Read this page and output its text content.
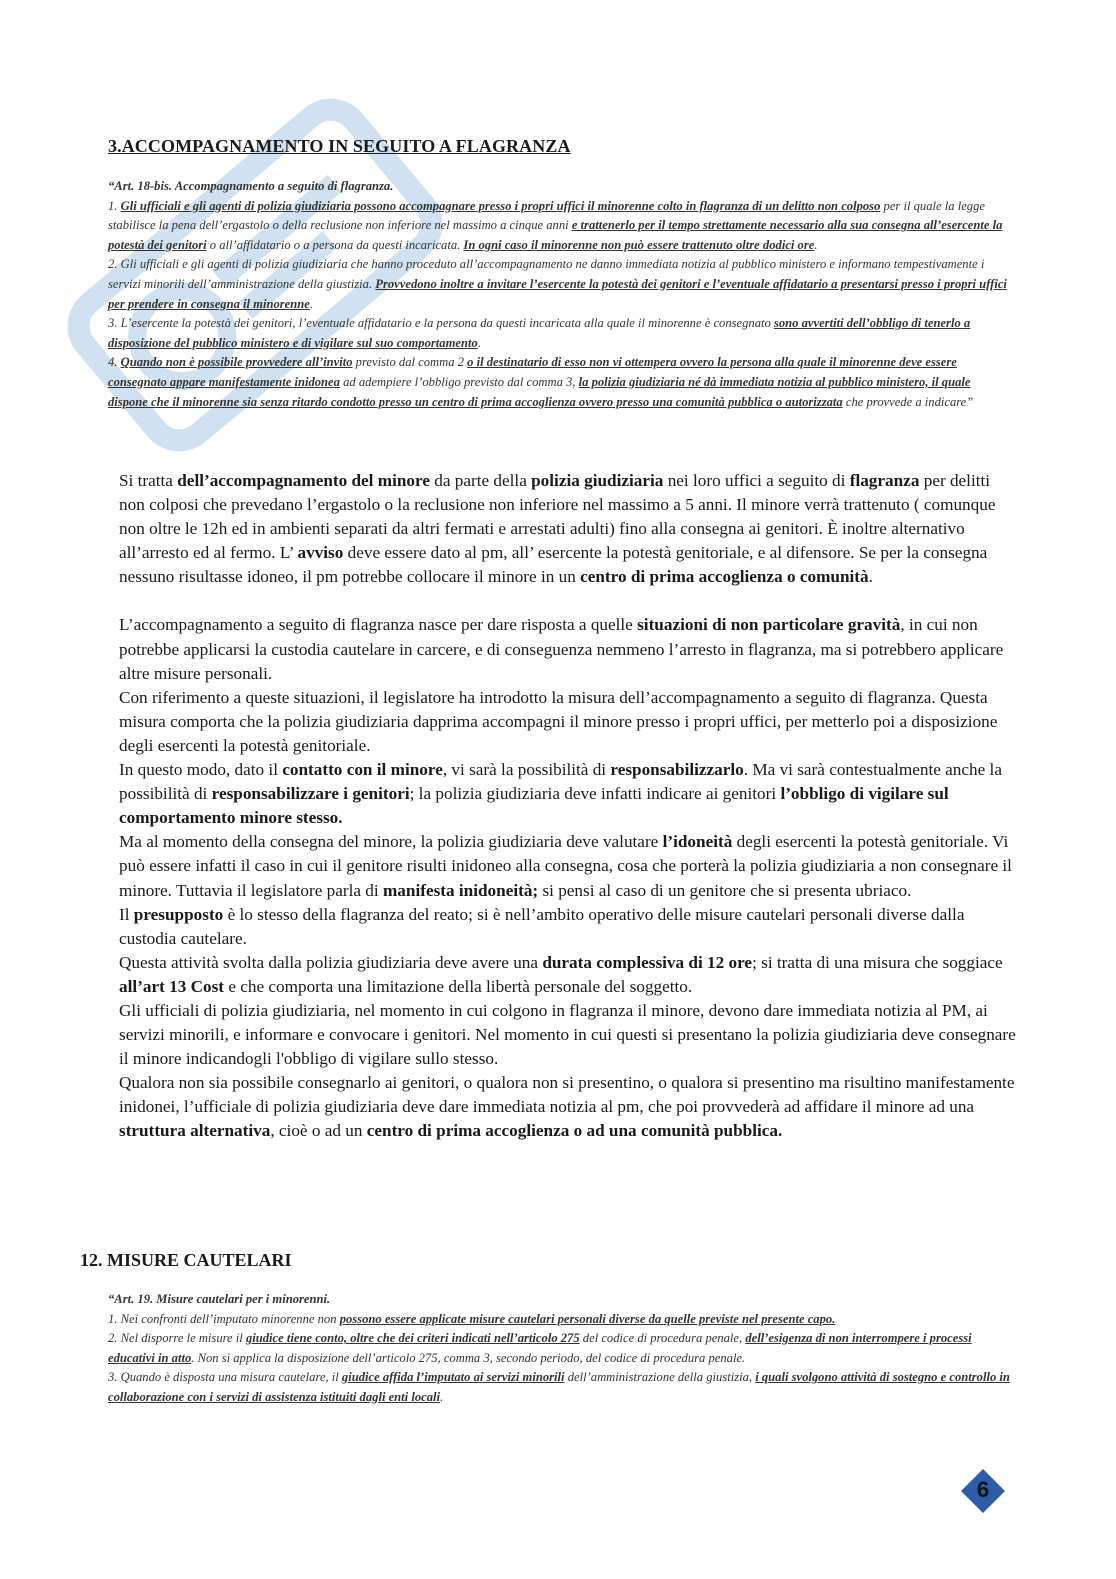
3.ACCOMPAGNAMENTO IN SEGUITO A FLAGRANZA

“Art. 18-bis. Accompagnamento a seguito di flagranza.

1. Gli ufficiali e gli agenti di polizia giudiziaria possono accompagnare presso i propri uffici il minorenne colto in flagranza di un delitto non colposo per il quale la legge stabilisce la pena dell’ergastolo o della reclusione non inferiore nel massimo a cinque anni e trattenerlo per il tempo strettamente necessario alla sua consegna all’esercente la potestà dei genitori o all’affidatario o a persona da questi incaricata. In ogni caso il minorenne non può essere trattenuto oltre dodici ore.

2. Gli ufficiali e gli agenti di polizia giudiziaria che hanno proceduto all’accompagnamento ne danno immediata notizia al pubblico ministero e informano tempestivamente i servizi minorili dell’amministrazione della giustizia. Provvedono inoltre a invitare l’esercente la potestà dei genitori e l’eventuale affidatario a presentarsi presso i propri uffici per prendere in consegna il minorenne.

3. L’esercente la potestà dei genitori, l’eventuale affidatario e la persona da questi incaricata alla quale il minorenne è consegnato sono avvertiti dell’obbligo di tenerlo a disposizione del pubblico ministero e di vigilare sul suo comportamento.

4. Quando non è possibile provvedere all’invito previsto dal comma 2 o il destinatario di esso non vi ottempera ovvero la persona alla quale il minorenne deve essere consegnato appare manifestamente inidonea ad adempiere l’obbligo previsto dal comma 3, la polizia giudiziaria né dà immediata notizia al pubblico ministero, il quale dispone che il minorenne sia senza ritardo condotto presso un centro di prima accoglienza ovvero presso una comunità pubblica o autorizzata che provvede a indicare”

Si tratta dell’accompagnamento del minore da parte della polizia giudiziaria nei loro uffici a seguito di flagranza per delitti non colposi che prevedano l’ergastolo o la reclusione non inferiore nel massimo a 5 anni. Il minore verrà trattenuto ( comunque non oltre le 12h ed in ambienti separati da altri fermati e arrestati adulti) fino alla consegna ai genitori. È inoltre alternativo all’arresto ed al fermo. L’ avviso deve essere dato al pm, all’ esercente la potestà genitoriale, e al difensore. Se per la consegna nessuno risultasse idoneo, il pm potrebbe collocare il minore in un centro di prima accoglienza o comunità.

L’accompagnamento a seguito di flagranza nasce per dare risposta a quelle situazioni di non particolare gravità, in cui non potrebbe applicarsi la custodia cautelare in carcere, e di conseguenza nemmeno l’arresto in flagranza, ma si potrebbero applicare altre misure personali.

Con riferimento a queste situazioni, il legislatore ha introdotto la misura dell’accompagnamento a seguito di flagranza. Questa misura comporta che la polizia giudiziaria dapprima accompagni il minore presso i propri uffici, per metterlo poi a disposizione degli esercenti la potestà genitoriale.

In questo modo, dato il contatto con il minore, vi sarà la possibilità di responsabilizzarlo. Ma vi sarà contestualmente anche la possibilità di responsabilizzare i genitori; la polizia giudiziaria deve infatti indicare ai genitori l’obbligo di vigilare sul comportamento minore stesso.

Ma al momento della consegna del minore, la polizia giudiziaria deve valutare l’idoneità degli esercenti la potestà genitoriale. Vi può essere infatti il caso in cui il genitore risulti inidoneo alla consegna, cosa che porterà la polizia giudiziaria a non consegnare il minore. Tuttavia il legislatore parla di manifesta inidoneità; si pensi al caso di un genitore che si presenta ubriaco.

Il presupposto è lo stesso della flagranza del reato; si è nell’ambito operativo delle misure cautelari personali diverse dalla custodia cautelare.

Questa attività svolta dalla polizia giudiziaria deve avere una durata complessiva di 12 ore; si tratta di una misura che soggiace all’art 13 Cost e che comporta una limitazione della libertà personale del soggetto.

Gli ufficiali di polizia giudiziaria, nel momento in cui colgono in flagranza il minore, devono dare immediata notizia al PM, ai servizi minorili, e informare e convocare i genitori. Nel momento in cui questi si presentano la polizia giudiziaria deve consegnare il minore indicandogli l'obbligo di vigilare sullo stesso.

Qualora non sia possibile consegnarlo ai genitori, o qualora non si presentino, o qualora si presentino ma risultino manifestamente inidonei, l’ufficiale di polizia giudiziaria deve dare immediata notizia al pm, che poi provvederà ad affidare il minore ad una struttura alternativa, cioè o ad un centro di prima accoglienza o ad una comunità pubblica.

12. MISURE CAUTELARI

“Art. 19. Misure cautelari per i minorenni.

1. Nei confronti dell’imputato minorenne non possono essere applicate misure cautelari personali diverse da quelle previste nel presente capo.

2. Nel disporre le misure il giudice tiene conto, oltre che dei criteri indicati nell’articolo 275 del codice di procedura penale, dell’esigenza di non interrompere i processi educativi in atto. Non si applica la disposizione dell’articolo 275, comma 3, secondo periodo, del codice di procedura penale.

3. Quando è disposta una misura cautelare, il giudice affida l’imputato ai servizi minorili dell’amministrazione della giustizia, i quali svolgono attività di sostegno e controllo in collaborazione con i servizi di assistenza istituiti dagli enti locali.

6
